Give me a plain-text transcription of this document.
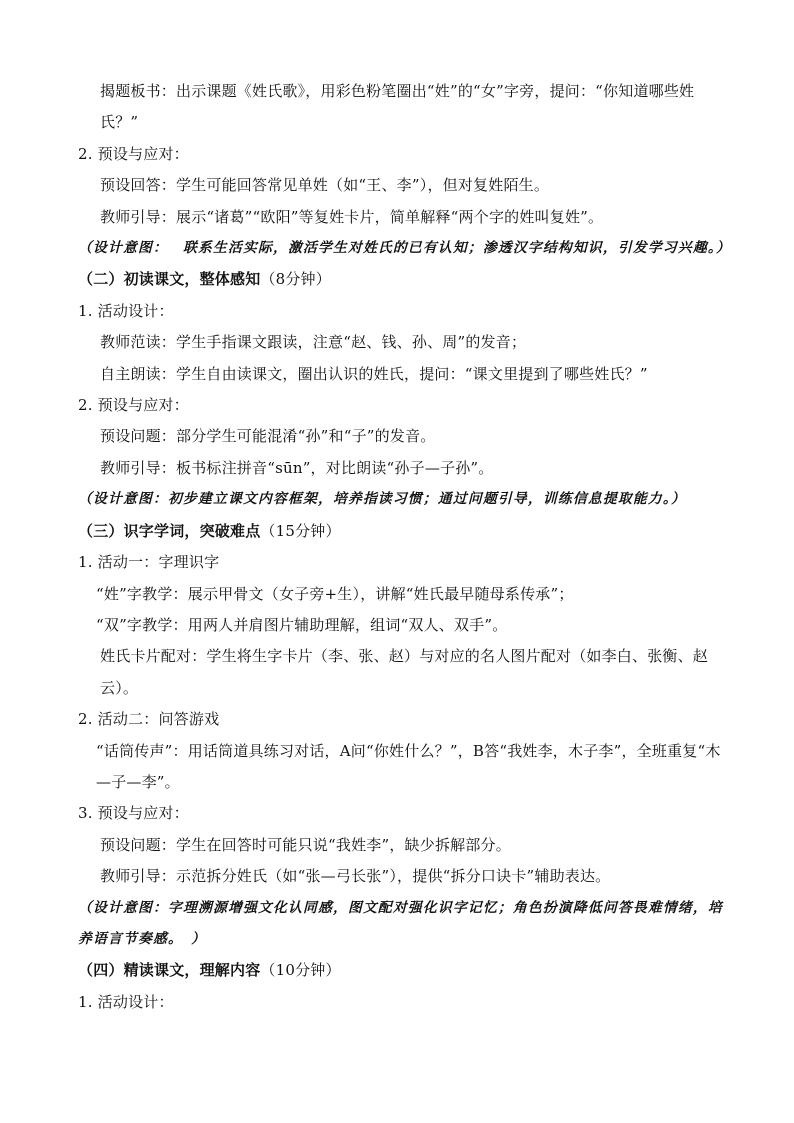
揭题板书：出示课题《姓氏歌》，用彩色粉笔圈出“姓”的“女”字旁，提问：“你知道哪些姓氏？”
2. 预设与应对：
预设回答：学生可能回答常见单姓（如“王、李”），但对复姓陌生。
教师引导：展示“诸葛”“欧阳”等复姓卡片，简单解释“两个字的姓叫复姓”。
（设计意图：　联系生活实际，激活学生对姓氏的已有认知；渗透汉字结构知识，引发学习兴趣。）
（二）初读课文，整体感知（8分钟）
1. 活动设计：
教师范读：学生手指课文跟读，注意“赵、钱、孙、周”的发音；
自主朗读：学生自由读课文，圈出认识的姓氏，提问：“课文里提到了哪些姓氏？”
2. 预设与应对：
预设问题：部分学生可能混淆“孙”和“子”的发音。
教师引导：板书标注拼音“sūn”，对比朗读“孙子—子孙”。
（设计意图：初步建立课文内容框架，培养指读习惯；通过问题引导，训练信息提取能力。）
（三）识字学词，突破难点（15分钟）
1. 活动一：字理识字
“姓”字教学：展示甲骨文（女子旁+生），讲解“姓氏最早随母系传承”；
“双”字教学：用两人并肩图片辅助理解，组词“双人、双手”。
姓氏卡片配对：学生将生字卡片（李、张、赵）与对应的名人图片配对（如李白、张衡、赵云）。
2. 活动二：问答游戏
“话筒传声”：用话筒道具练习对话，A问“你姓什么？”，B答“我姓李，木子李”，全班重复“木—子—李”。
3. 预设与应对：
预设问题：学生在回答时可能只说“我姓李”，缺少拆解部分。
教师引导：示范拆分姓氏（如“张—弓长张”），提供“拆分口诀卡”辅助表达。
（设计意图：字理溯源增强文化认同感，图文配对强化识字记忆；角色扮演降低问答畏难情绪，培养语言节奏感。　）
（四）精读课文，理解内容（10分钟）
1. 活动设计：
